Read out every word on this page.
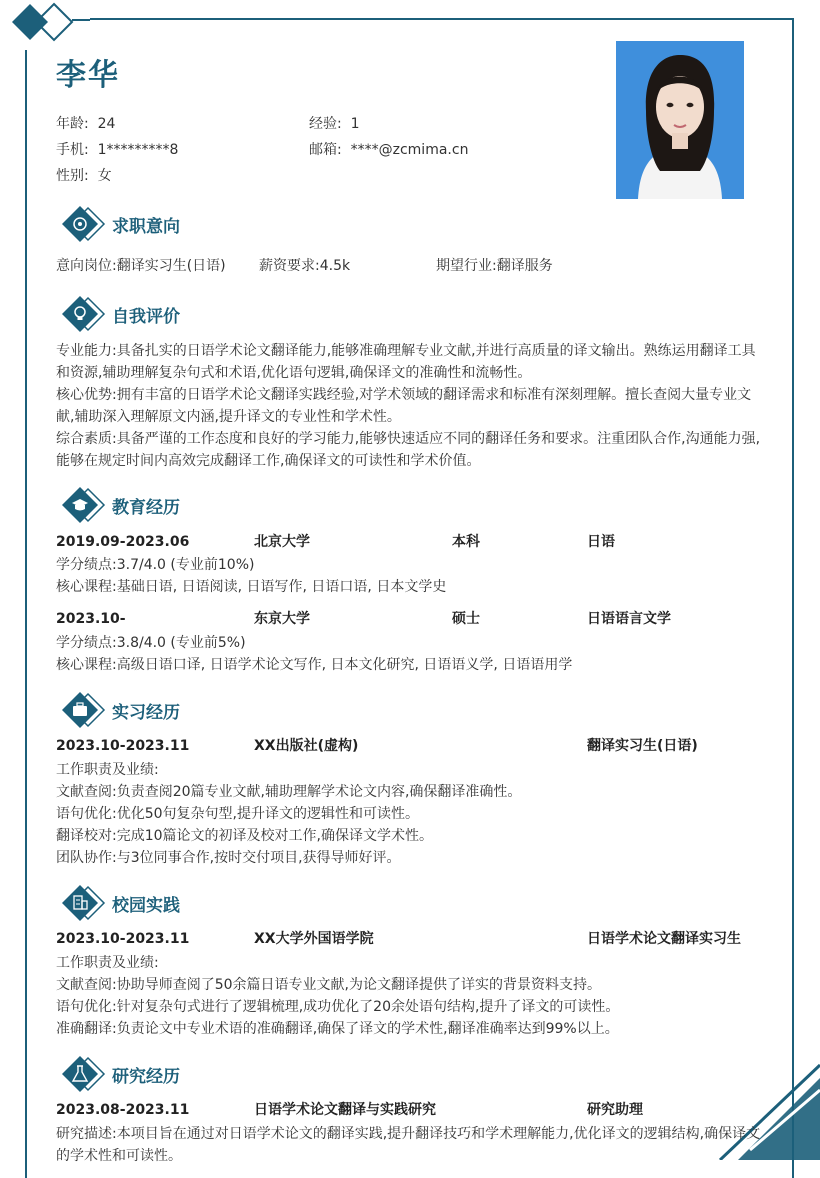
李华
年龄: 24	经验: 1
手机: 1*********8	邮箱: ****@zcmima.cn
性别: 女
求职意向
意向岗位:翻译实习生(日语) 薪资要求:4.5k	期望行业:翻译服务
自我评价
专业能力:具备扎实的日语学术论文翻译能力,能够准确理解专业文献,并进行高质量的译文输出。熟练运用翻译工具和资源,辅助理解复杂句式和术语,优化语句逻辑,确保译文的准确性和流畅性。
核心优势:拥有丰富的日语学术论文翻译实践经验,对学术领域的翻译需求和标准有深刻理解。擅长查阅大量专业文献,辅助深入理解原文内涵,提升译文的专业性和学术性。
综合素质:具备严谨的工作态度和良好的学习能力,能够快速适应不同的翻译任务和要求。注重团队合作,沟通能力强,能够在规定时间内高效完成翻译工作,确保译文的可读性和学术价值。
教育经历
2019.09-2023.06	北京大学	本科	日语
学分绩点:3.7/4.0 (专业前10%)
核心课程:基础日语, 日语阅读, 日语写作, 日语口语, 日本文学史
2023.10-	东京大学	硕士	日语语言文学
学分绩点:3.8/4.0 (专业前5%)
核心课程:高级日语口译, 日语学术论文写作, 日本文化研究, 日语语义学, 日语语用学
实习经历
2023.10-2023.11	XX出版社(虚构)	翻译实习生(日语)
工作职责及业绩:
文献查阅:负责查阅20篇专业文献,辅助理解学术论文内容,确保翻译准确性。
语句优化:优化50句复杂句型,提升译文的逻辑性和可读性。
翻译校对:完成10篇论文的初译及校对工作,确保译文学术性。
团队协作:与3位同事合作,按时交付项目,获得导师好评。
校园实践
2023.10-2023.11	XX大学外国语学院	日语学术论文翻译实习生
工作职责及业绩:
文献查阅:协助导师查阅了50余篇日语专业文献,为论文翻译提供了详实的背景资料支持。
语句优化:针对复杂句式进行了逻辑梳理,成功优化了20余处语句结构,提升了译文的可读性。
准确翻译:负责论文中专业术语的准确翻译,确保了译文的学术性,翻译准确率达到99%以上。
研究经历
2023.08-2023.11	日语学术论文翻译与实践研究	研究助理
研究描述:本项目旨在通过对日语学术论文的翻译实践,提升翻译技巧和学术理解能力,优化译文的逻辑结构,确保译文的学术性和可读性。
